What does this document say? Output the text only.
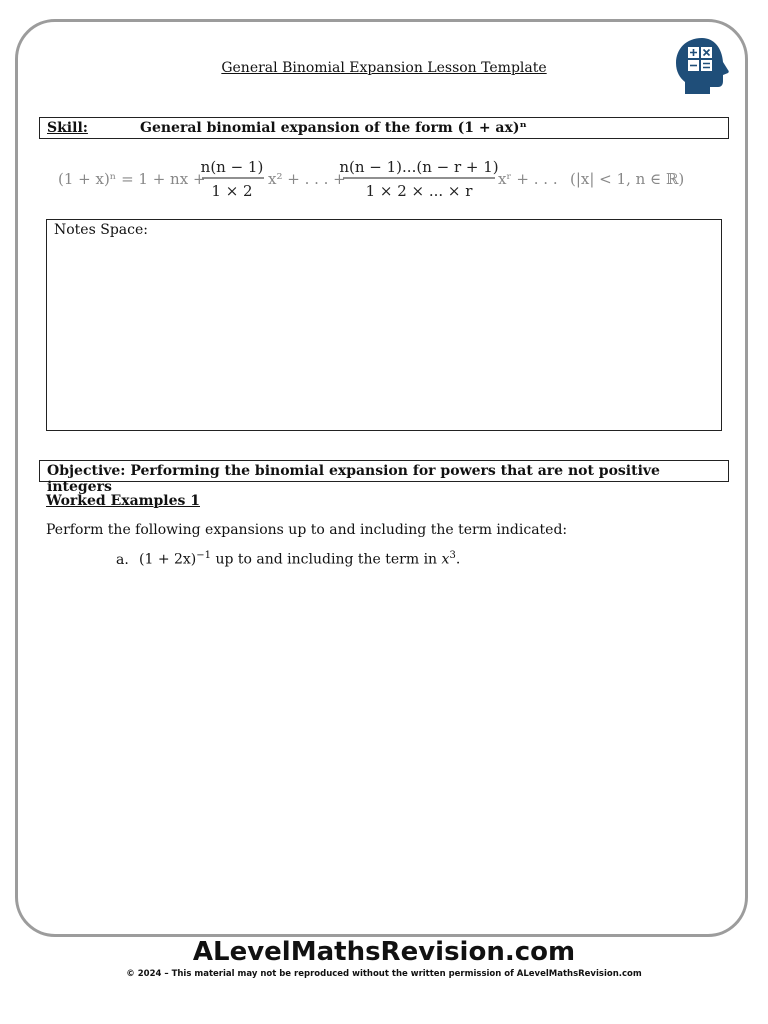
General Binomial Expansion Lesson Template
Skill:	General binomial expansion of the form (1 + ax)ⁿ
(1 + x)ⁿ = 1 + nx +
n(n − 1)
1 × 2
x² + . . . +
n(n − 1)...(n − r + 1)
1 × 2 × ... × r
xʳ + . . . (|x| < 1, n ∈ ℝ)
Notes Space:
Objective: Performing the binomial expansion for powers that are not positive integers
Worked Examples 1
Perform the following expansions up to and including the term indicated:
a. $(1 + 2x)^{-1}$ up to and including the term in $x^3$.
ALevelMathsRevision.com
© 2024 – This material may not be reproduced without the written permission of ALevelMathsRevision.com
